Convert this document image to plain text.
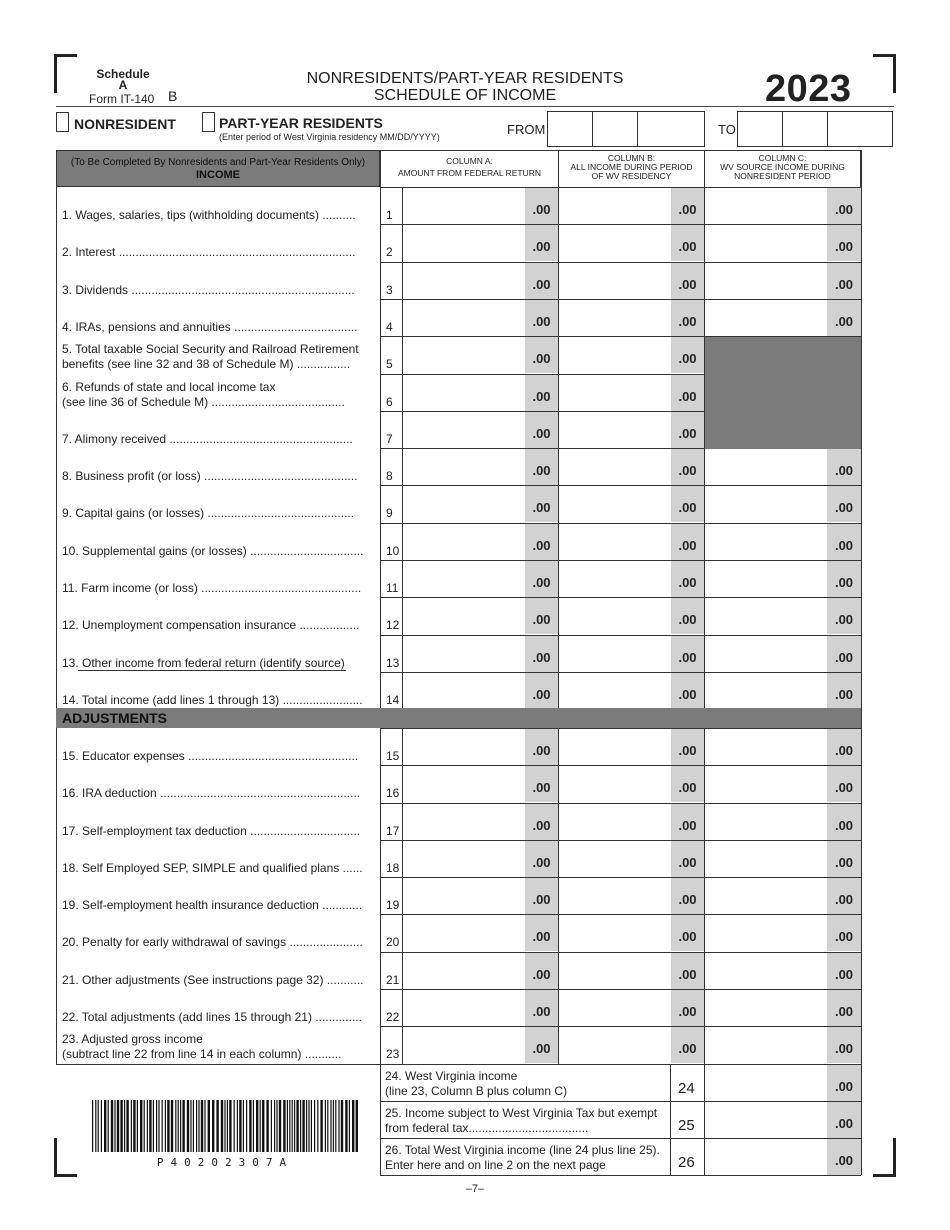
Schedule
A
Form IT-140 B
NONRESIDENTS/PART-YEAR RESIDENTS
SCHEDULE OF INCOME	2023
NONRESIDENT	PART-YEAR RESIDENTS
(Enter period of West Virginia residency MM/DD/YYYY)	FROM	TO
(To Be Completed By Nonresidents and Part-Year Residents Only)
INCOME
COLUMN A:
AMOUNT FROM FEDERAL RETURN
COLUMN B:
ALL INCOME DURING PERIOD
OF WV RESIDENCY
COLUMN C:
WV SOURCE INCOME DURING
NONRESIDENT PERIOD
1. Wages, salaries, tips (withholding documents) ..........	1	.00	.00	.00
2. Interest .......................................................................	2	.00	.00	.00
3. Dividends ...................................................................	3	.00	.00	.00
4. IRAs, pensions and annuities .....................................	4	.00	.00	.00
5. Total taxable Social Security and Railroad Retirement
benefits (see line 32 and 38 of Schedule M) ................	5	.00	.00
6. Refunds of state and local income tax
(see line 36 of Schedule M) ........................................	6	.00	.00
7. Alimony received .......................................................	7	.00	.00
8. Business profit (or loss) ..............................................	8	.00	.00	.00
9. Capital gains (or losses) ............................................	9	.00	.00	.00
10. Supplemental gains (or losses) ..................................	10	.00	.00	.00
11. Farm income (or loss) ................................................	11	.00	.00	.00
12. Unemployment compensation insurance ..................	12	.00	.00	.00
13. Other income from federal return (identify source)	13	.00	.00	.00
14. Total income (add lines 1 through 13) ........................	14	.00	.00	.00
15. Educator expenses ...................................................	15	.00	.00	.00
16. IRA deduction ............................................................	16	.00	.00	.00
17. Self-employment tax deduction .................................	17	.00	.00	.00
18. Self Employed SEP, SIMPLE and qualified plans ......	18	.00	.00	.00
19. Self-employment health insurance deduction ............	19	.00	.00	.00
20. Penalty for early withdrawal of savings ......................	20	.00	.00	.00
21. Other adjustments (See instructions page 32) ...........	21	.00	.00	.00
22. Total adjustments (add lines 15 through 21) ..............	22	.00	.00	.00
23. Adjusted gross income
(subtract line 22 from line 14 in each column) ...........	23	.00	.00	.00
24. West Virginia income
(line 23, Column B plus column C)	24	.00
25. Income subject to West Virginia Tax but exempt
from federal tax....................................	25	.00
26. Total West Virginia income (line 24 plus line 25).
Enter here and on line 2 on the next page	26	.00
ADJUSTMENTS
P40202307A
–7–
